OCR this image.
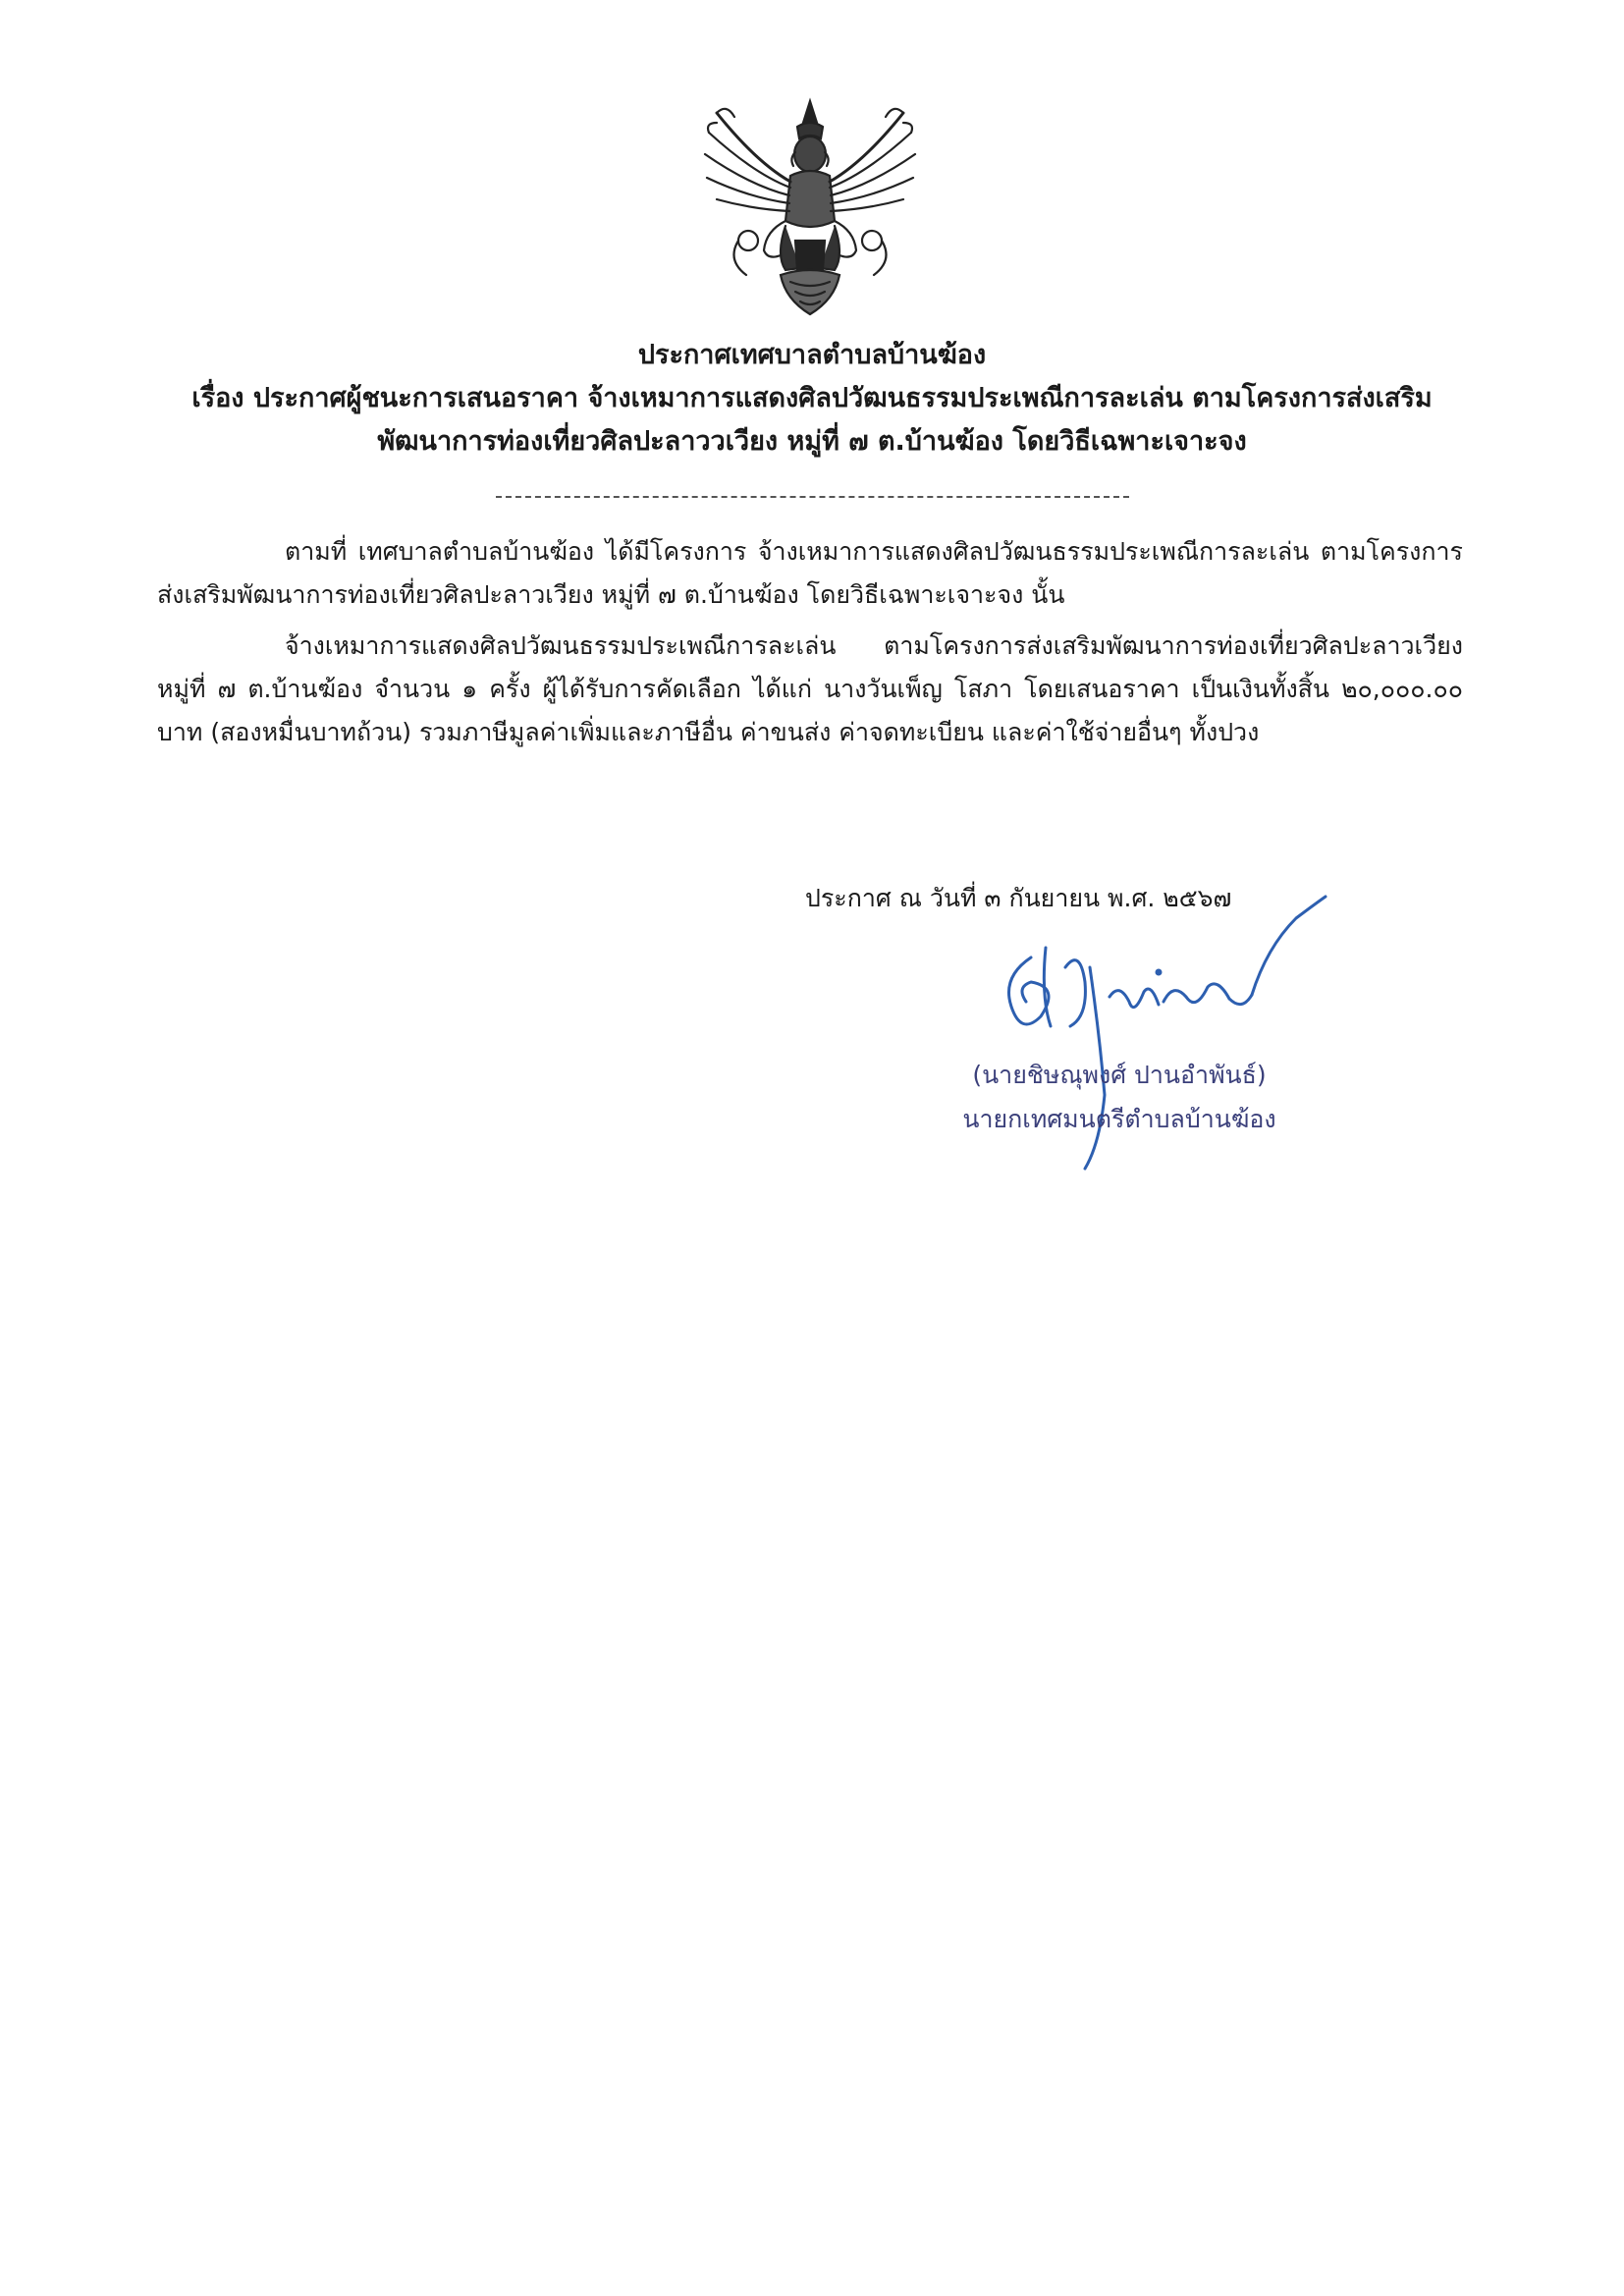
ประกาศเทศบาลตำบลบ้านฆ้อง
เรื่อง ประกาศผู้ชนะการเสนอราคา จ้างเหมาการแสดงศิลปวัฒนธรรมประเพณีการละเล่น ตามโครงการส่งเสริม
พัฒนาการท่องเที่ยวศิลปะลาววเวียง หมู่ที่ ๗ ต.บ้านฆ้อง โดยวิธีเฉพาะเจาะจง

ตามที่ เทศบาลตำบลบ้านฆ้อง ได้มีโครงการ จ้างเหมาการแสดงศิลปวัฒนธรรมประเพณีการละเล่น ตามโครงการส่งเสริมพัฒนาการท่องเที่ยวศิลปะลาวเวียง หมู่ที่ ๗ ต.บ้านฆ้อง โดยวิธีเฉพาะเจาะจง นั้น

จ้างเหมาการแสดงศิลปวัฒนธรรมประเพณีการละเล่น ตามโครงการส่งเสริมพัฒนาการท่องเที่ยวศิลปะลาวเวียง หมู่ที่ ๗ ต.บ้านฆ้อง จำนวน ๑ ครั้ง ผู้ได้รับการคัดเลือก ได้แก่ นางวันเพ็ญ โสภา โดยเสนอราคา เป็นเงินทั้งสิ้น ๒๐,๐๐๐.๐๐ บาท (สองหมื่นบาทถ้วน) รวมภาษีมูลค่าเพิ่มและภาษีอื่น ค่าขนส่ง ค่าจดทะเบียน และค่าใช้จ่ายอื่นๆ ทั้งปวง

ประกาศ ณ วันที่ ๓ กันยายน พ.ศ. ๒๕๖๗
(นายชิษณุพงศ์ ปานอำพันธ์)
นายกเทศมนตรีตำบลบ้านฆ้อง
